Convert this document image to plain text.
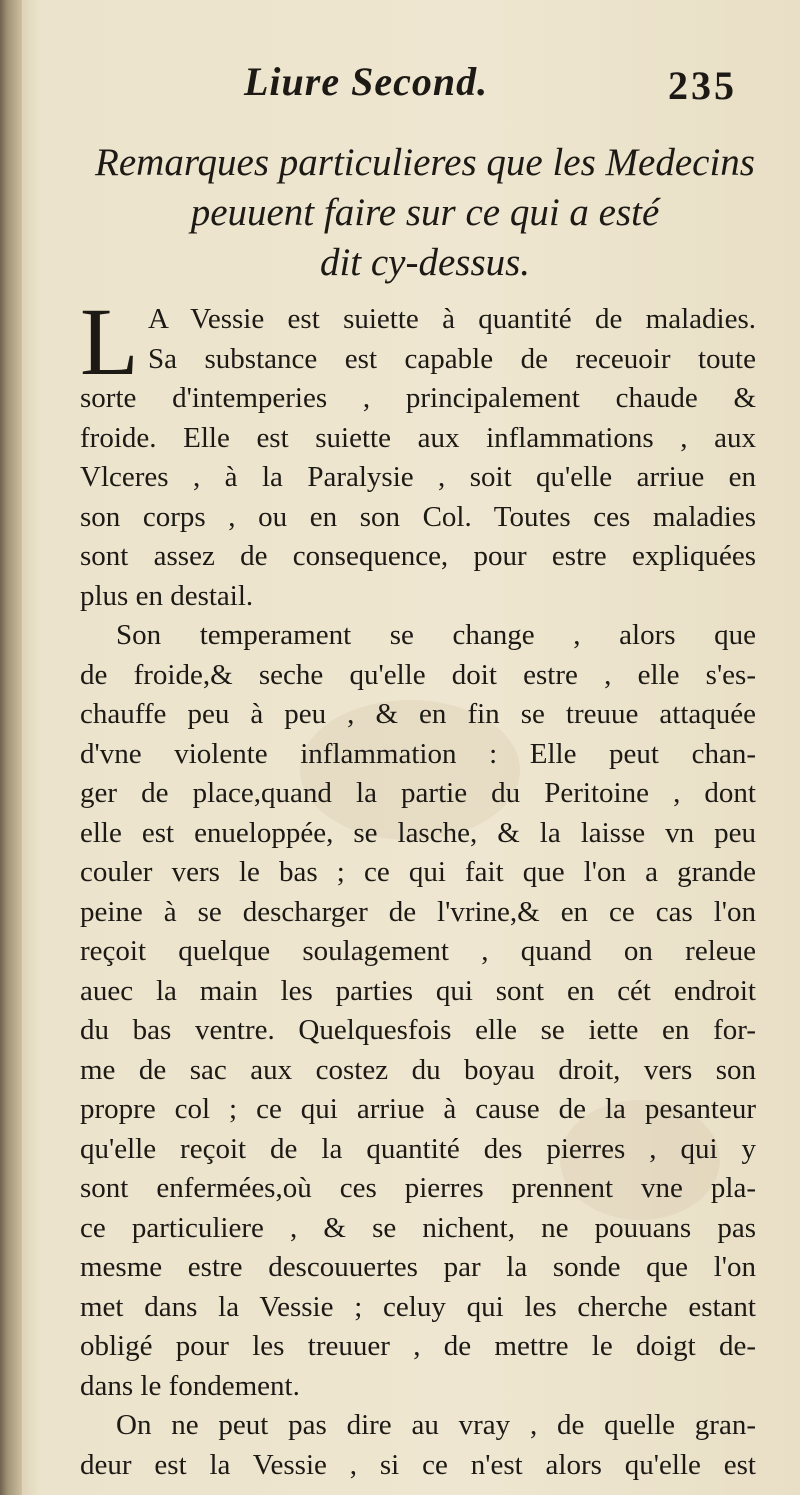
Liure Second.	235
Remarques particulieres que les Medecins
peuuent faire sur ce qui a esté
dit cy-dessus.
L A Vessie est suiette à quantité de maladies.
Sa substance est capable de receuoir toute
sorte d'intemperies , principalement chaude &
froide. Elle est suiette aux inflammations , aux
Vlceres , à la Paralysie , soit qu'elle arriue en
son corps , ou en son Col. Toutes ces maladies
sont assez de consequence, pour estre expliquées
plus en destail.
Son temperament se change , alors que
de froide,& seche qu'elle doit estre , elle s'es-
chauffe peu à peu , & en fin se treuue attaquée
d'vne violente inflammation : Elle peut chan-
ger de place,quand la partie du Peritoine , dont
elle est enueloppée, se lasche, & la laisse vn peu
couler vers le bas ; ce qui fait que l'on a grande
peine à se descharger de l'vrine,& en ce cas l'on
reçoit quelque soulagement , quand on releue
auec la main les parties qui sont en cét endroit
du bas ventre. Quelquesfois elle se iette en for-
me de sac aux costez du boyau droit, vers son
propre col ; ce qui arriue à cause de la pesanteur
qu'elle reçoit de la quantité des pierres , qui y
sont enfermées,où ces pierres prennent vne pla-
ce particuliere , & se nichent, ne pouuans pas
mesme estre descouuertes par la sonde que l'on
met dans la Vessie ; celuy qui les cherche estant
obligé pour les treuuer , de mettre le doigt de-
dans le fondement.
On ne peut pas dire au vray , de quelle gran-
deur est la Vessie , si ce n'est alors qu'elle est
